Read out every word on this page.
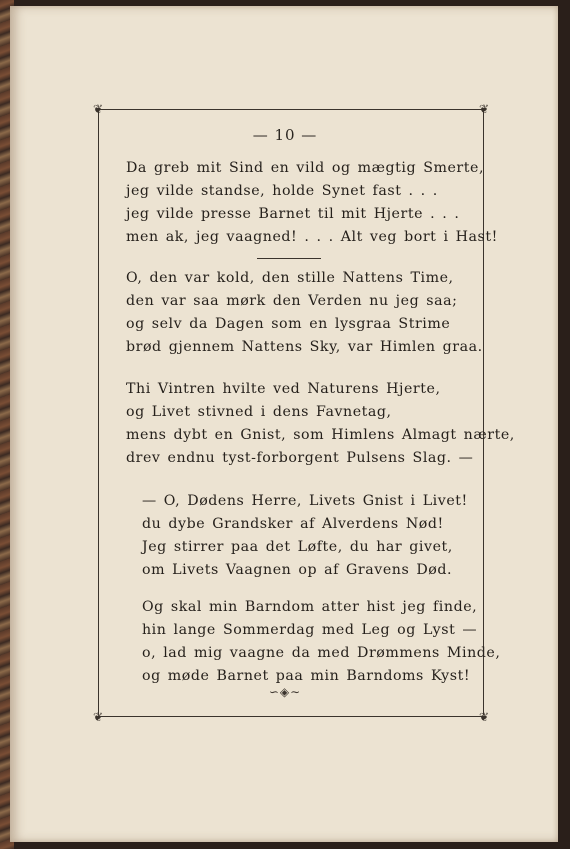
❦	❦
❦	❦
— 10 —
Da greb mit Sind en vild og mægtig Smerte,
jeg vilde standse, holde Synet fast . . .
jeg vilde presse Barnet til mit Hjerte . . .
men ak, jeg vaagned! . . . Alt veg bort i Hast!
O, den var kold, den stille Nattens Time,
den var saa mørk den Verden nu jeg saa;
og selv da Dagen som en lysgraa Strime
brød gjennem Nattens Sky, var Himlen graa.
Thi Vintren hvilte ved Naturens Hjerte,
og Livet stivned i dens Favnetag,
mens dybt en Gnist, som Himlens Almagt nærte,
drev endnu tyst-forborgent Pulsens Slag. —
— O, Dødens Herre, Livets Gnist i Livet!
du dybe Grandsker af Alverdens Nød!
Jeg stirrer paa det Løfte, du har givet,
om Livets Vaagnen op af Gravens Død.
Og skal min Barndom atter hist jeg finde,
hin lange Sommerdag med Leg og Lyst —
o, lad mig vaagne da med Drømmens Minde,
og møde Barnet paa min Barndoms Kyst!
∽◈∼
